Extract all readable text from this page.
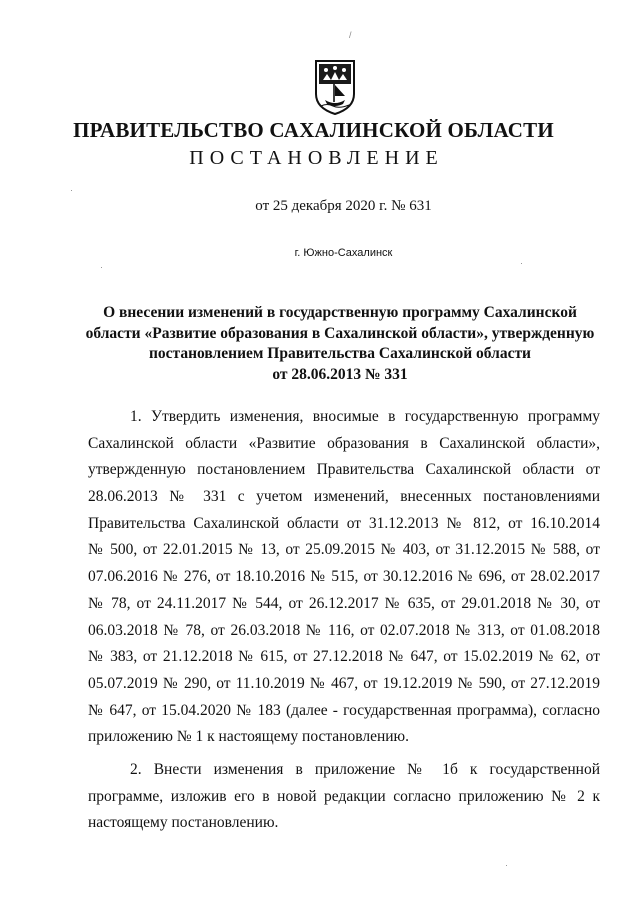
ПРАВИТЕЛЬСТВО САХАЛИНСКОЙ ОБЛАСТИ
ПОСТАНОВЛЕНИЕ
от 25 декабря 2020 г. № 631
г. Южно-Сахалинск
О внесении изменений в государственную программу Сахалинской
области «Развитие образования в Сахалинской области», утвержденную
постановлением Правительства Сахалинской области
от 28.06.2013 № 331
1. Утвердить изменения, вносимые в государственную программу
Сахалинской области «Развитие образования в Сахалинской области»,
утвержденную постановлением Правительства Сахалинской области от
28.06.2013 № 331 с учетом изменений, внесенных постановлениями
Правительства Сахалинской области от 31.12.2013 № 812, от 16.10.2014
№ 500, от 22.01.2015 № 13, от 25.09.2015 № 403, от 31.12.2015 № 588, от
07.06.2016 № 276, от 18.10.2016 № 515, от 30.12.2016 № 696, от 28.02.2017
№ 78, от 24.11.2017 № 544, от 26.12.2017 № 635, от 29.01.2018 № 30, от
06.03.2018 № 78, от 26.03.2018 № 116, от 02.07.2018 № 313, от 01.08.2018
№ 383, от 21.12.2018 № 615, от 27.12.2018 № 647, от 15.02.2019 № 62, от
05.07.2019 № 290, от 11.10.2019 № 467, от 19.12.2019 № 590, от 27.12.2019
№ 647, от 15.04.2020 № 183 (далее - государственная программа), согласно
приложению № 1 к настоящему постановлению.
2. Внести изменения в приложение № 1б к государственной
программе, изложив его в новой редакции согласно приложению № 2 к
настоящему постановлению.
/
·
·	·
·
